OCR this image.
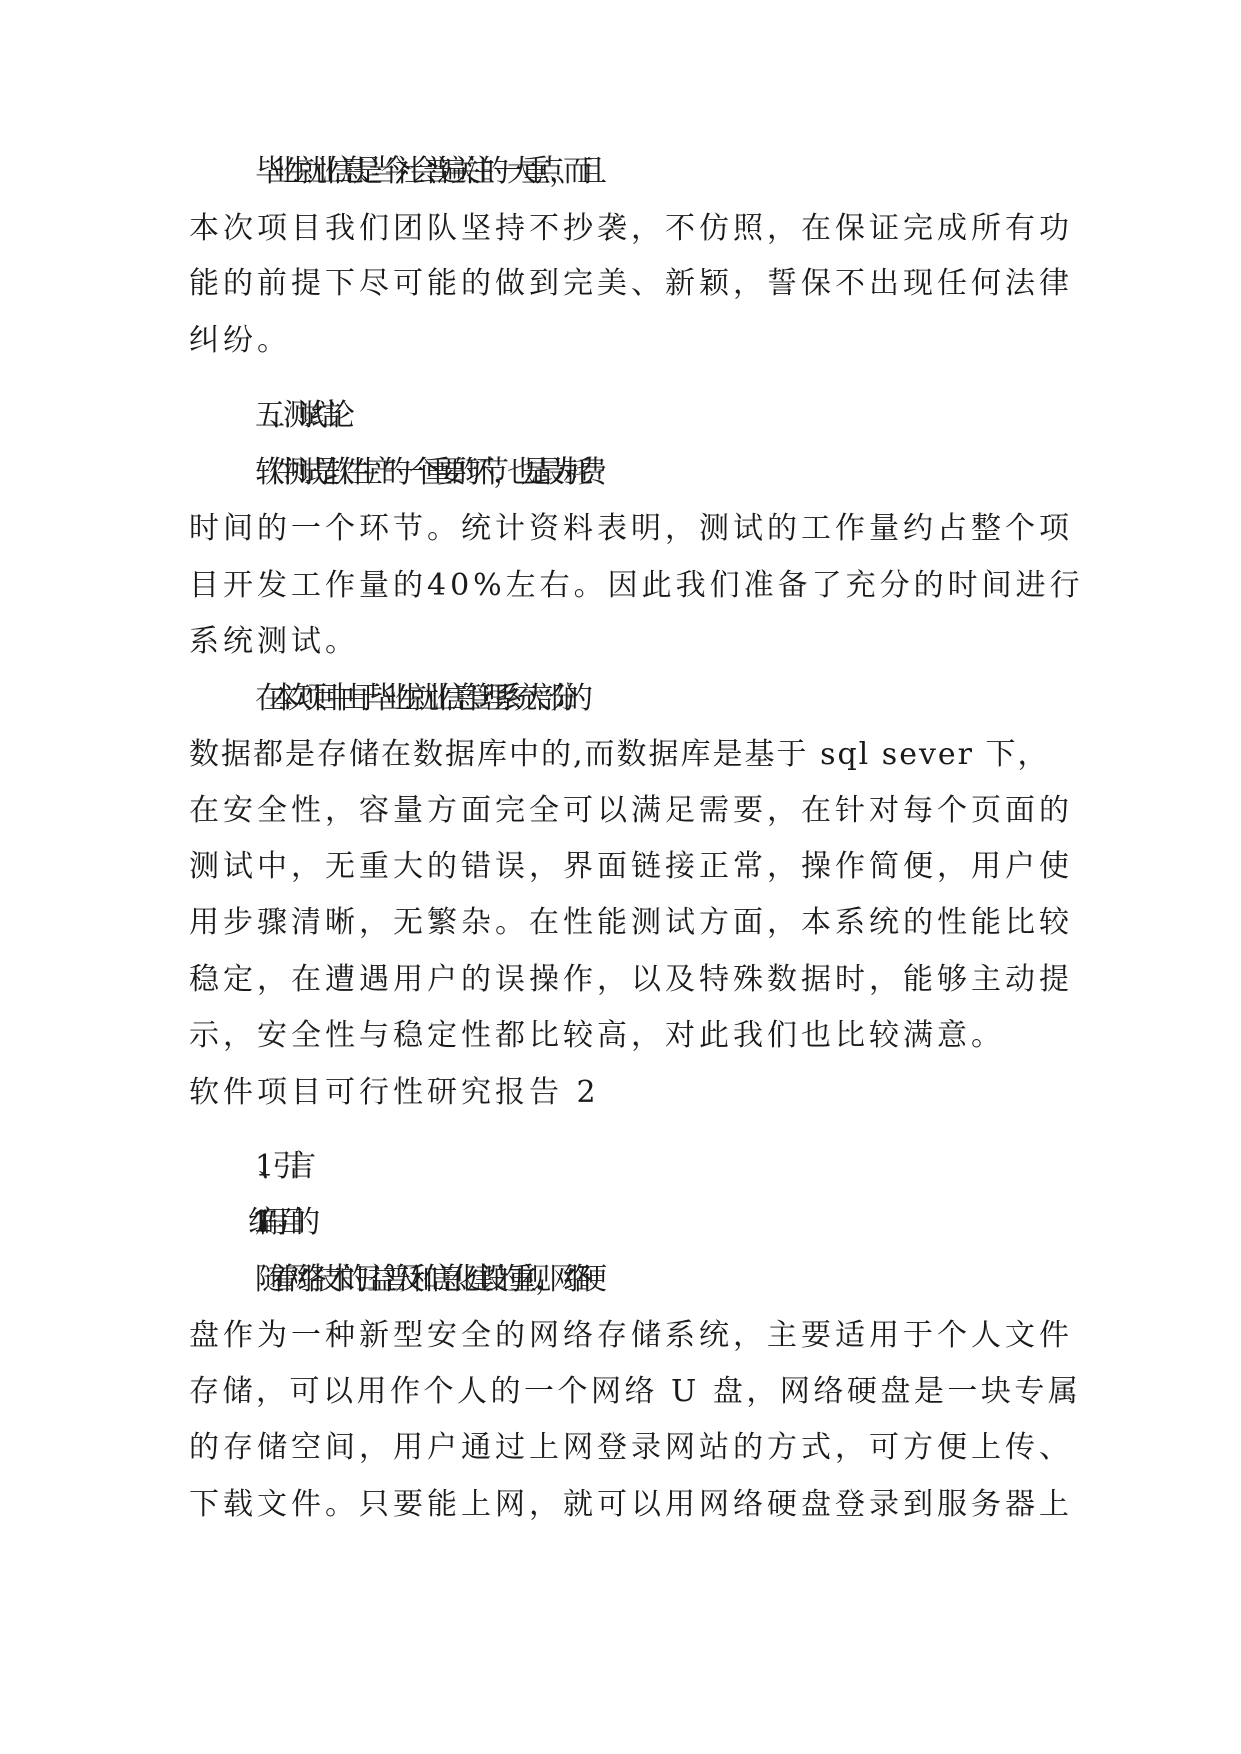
毕业生就业信息是当今社会普遍关注的一大重点，而且
本次项目我们团队坚持不抄袭，不仿照，在保证完成所有功
能的前提下尽可能的做到完美、新颖，誓保不出现任何法律
纠纷。
五、测试结论
软件测试是软件生产的一个重要的环节，也是最为耗费
时间的一个环节。统计资料表明，测试的工作量约占整个项
目开发工作量的40%左右。因此我们准备了充分的时间进行
系统测试。
在本次项目中由于毕业生就业信息管理系统大部分的
数据都是存储在数据库中的,而数据库是基于 sql sever 下，
在安全性，容量方面完全可以满足需要，在针对每个页面的
测试中，无重大的错误，界面链接正常，操作简便，用户使
用步骤清晰，无繁杂。在性能测试方面，本系统的性能比较
稳定，在遭遇用户的误操作，以及特殊数据时，能够主动提
示，安全性与稳定性都比较高，对此我们也比较满意。
软件项目可行性研究报告 2
1、引言
1.1 编写目的
随着网络技术的日益普及和信息化建设的重视，网络硬
盘作为一种新型安全的网络存储系统，主要适用于个人文件
存储，可以用作个人的一个网络 U 盘，网络硬盘是一块专属
的存储空间，用户通过上网登录网站的方式，可方便上传、
下载文件。只要能上网，就可以用网络硬盘登录到服务器上
